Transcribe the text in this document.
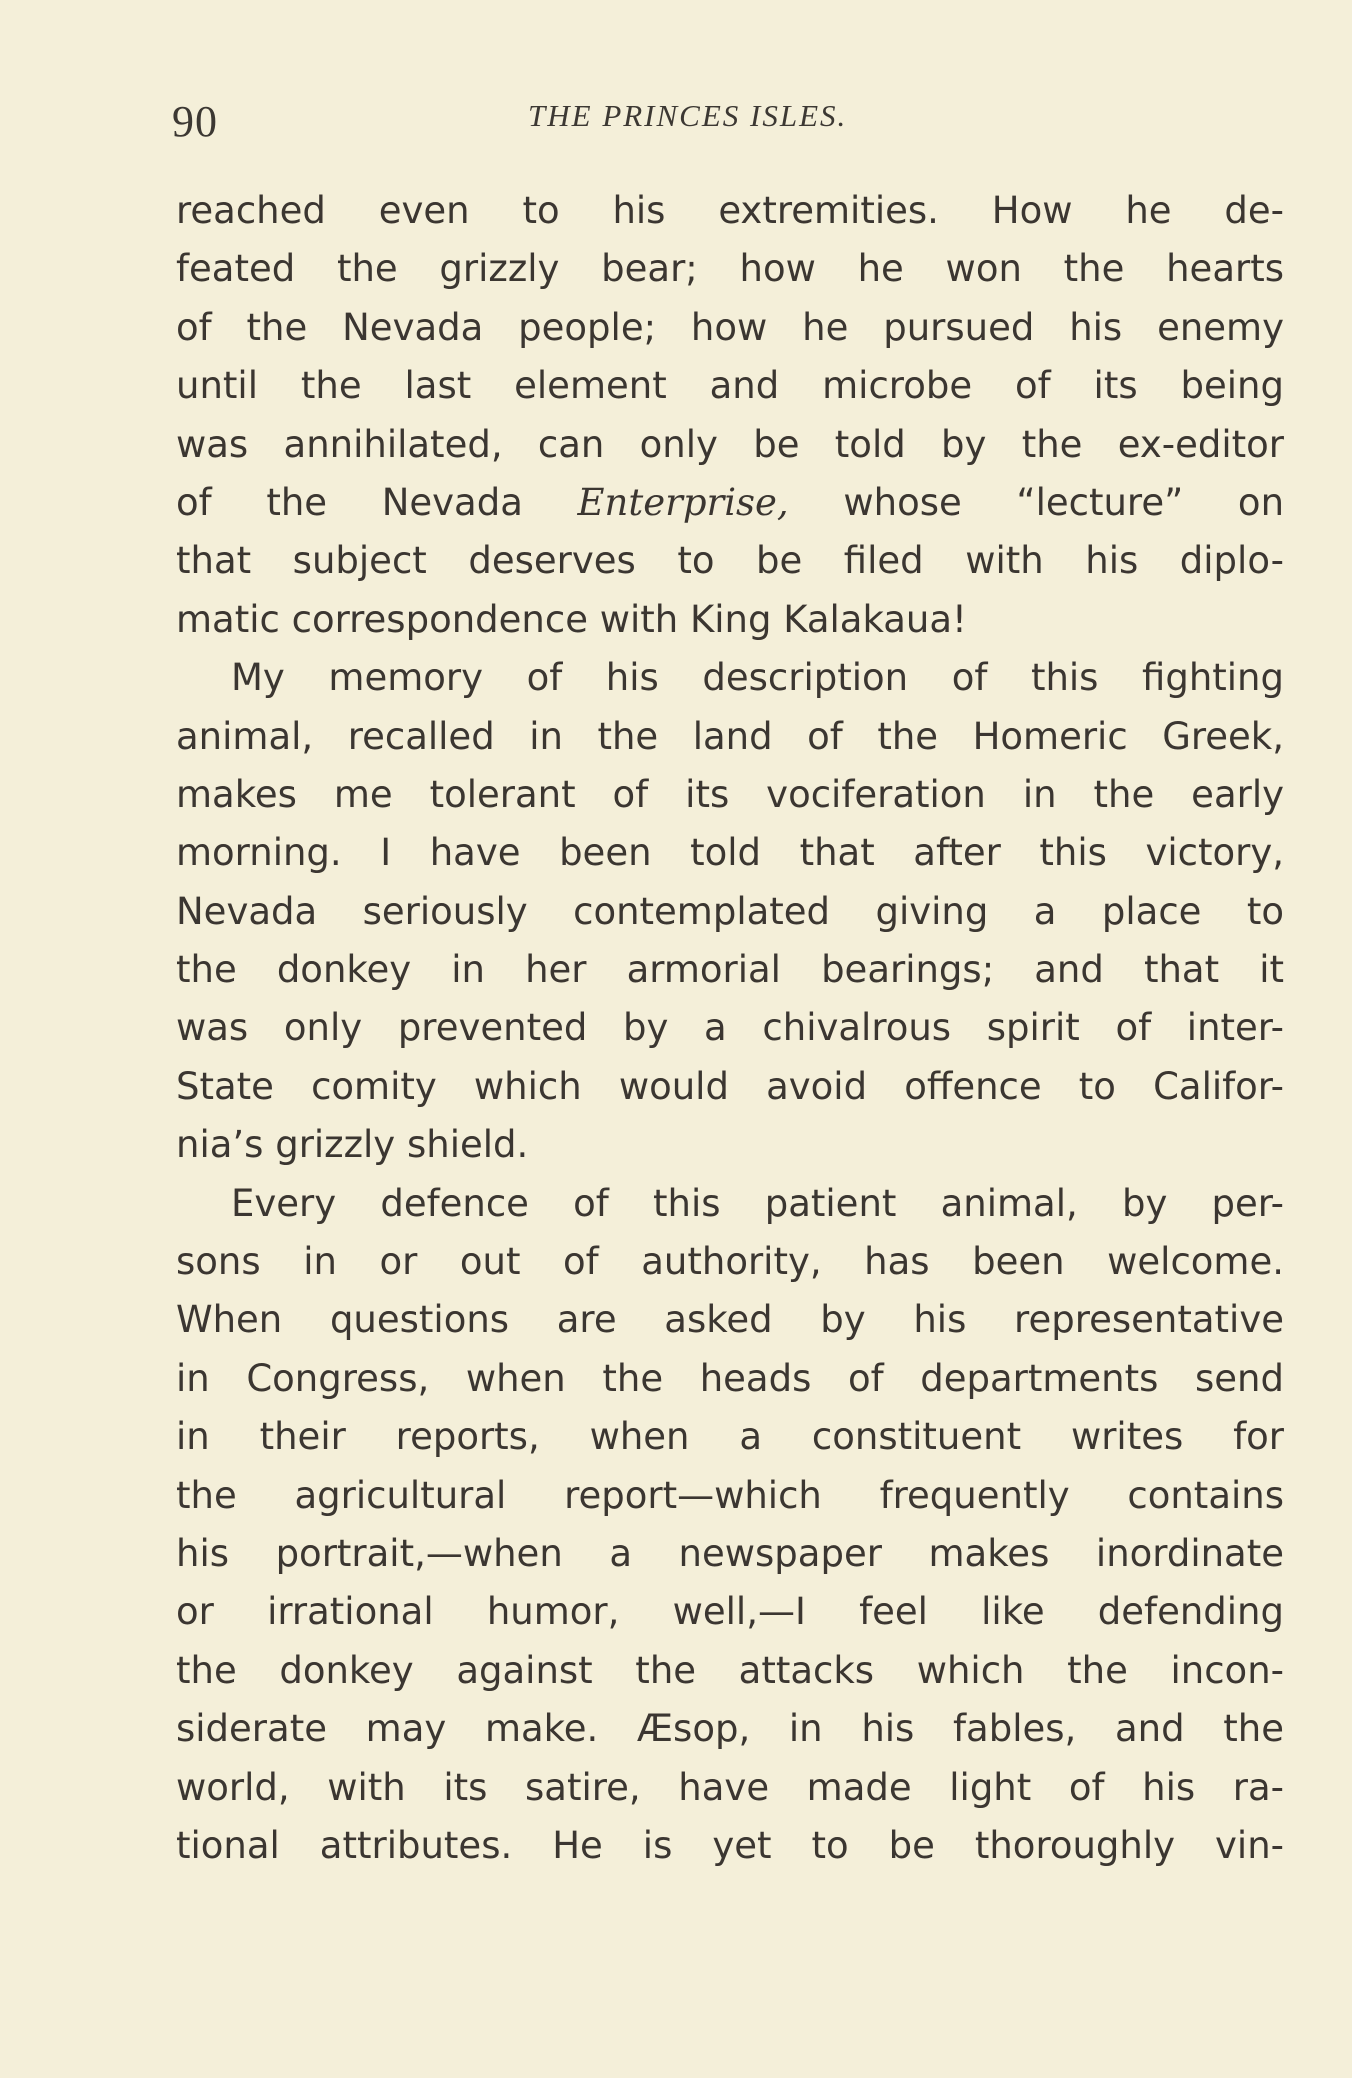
90	THE PRINCES ISLES.
reached even to his extremities. How he de-
feated the grizzly bear; how he won the hearts
of the Nevada people; how he pursued his enemy
until the last element and microbe of its being
was annihilated, can only be told by the ex-editor
of the Nevada Enterprise, whose “lecture” on
that subject deserves to be filed with his diplo-
matic correspondence with King Kalakaua!
My memory of his description of this fighting
animal, recalled in the land of the Homeric Greek,
makes me tolerant of its vociferation in the early
morning. I have been told that after this victory,
Nevada seriously contemplated giving a place to
the donkey in her armorial bearings; and that it
was only prevented by a chivalrous spirit of inter-
State comity which would avoid offence to Califor-
nia’s grizzly shield.
Every defence of this patient animal, by per-
sons in or out of authority, has been welcome.
When questions are asked by his representative
in Congress, when the heads of departments send
in their reports, when a constituent writes for
the agricultural report—which frequently contains
his portrait,—when a newspaper makes inordinate
or irrational humor, well,—I feel like defending
the donkey against the attacks which the incon-
siderate may make. Æsop, in his fables, and the
world, with its satire, have made light of his ra-
tional attributes. He is yet to be thoroughly vin-
